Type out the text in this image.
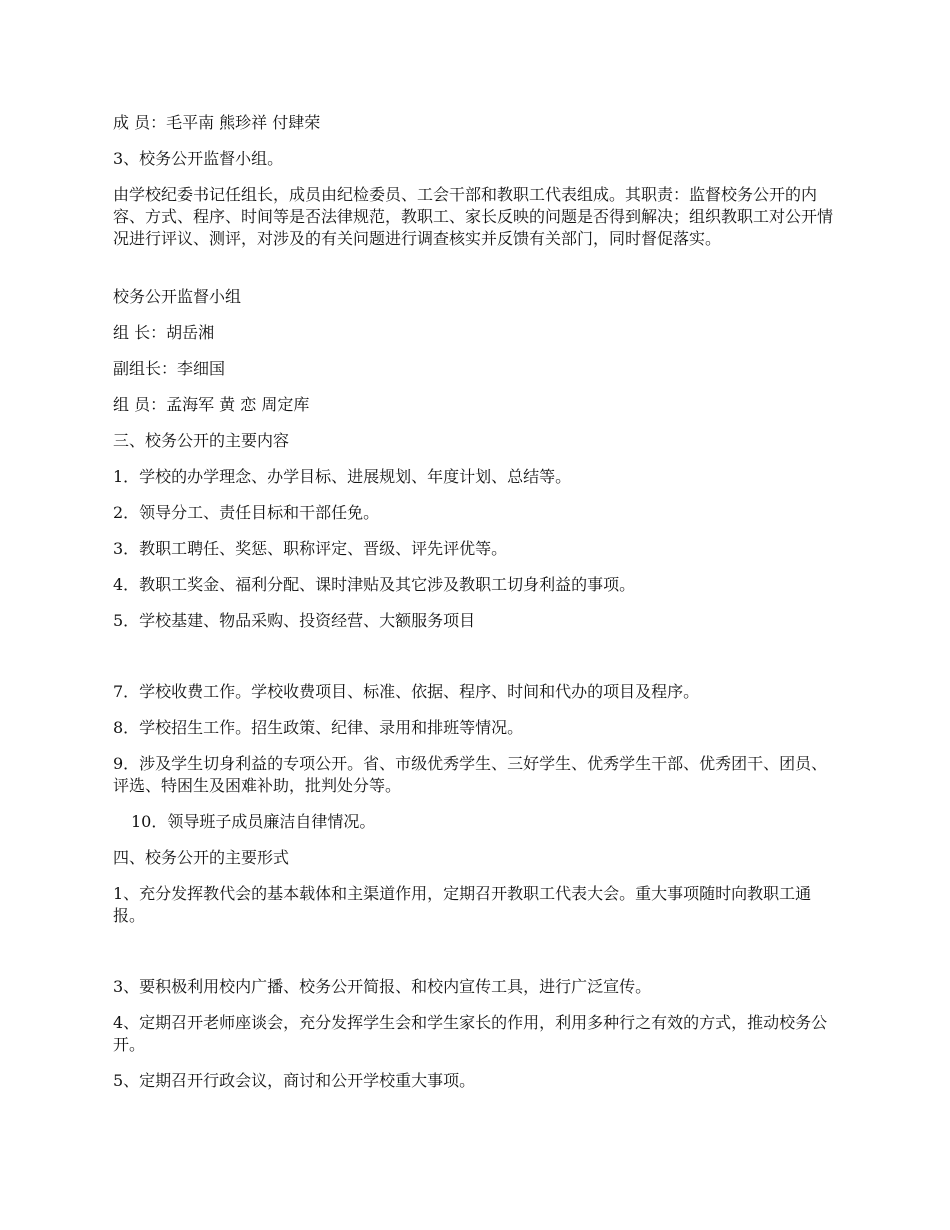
成 员：毛平南 熊珍祥 付肆荣

3、校务公开监督小组。

由学校纪委书记任组长，成员由纪检委员、工会干部和教职工代表组成。其职责：监督校务公开的内容、方式、程序、时间等是否法律规范，教职工、家长反映的问题是否得到解决；组织教职工对公开情况进行评议、测评，对涉及的有关问题进行调查核实并反馈有关部门，同时督促落实。

校务公开监督小组

组 长：胡岳湘

副组长：李细国

组 员：孟海军 黄 恋 周定库

三、校务公开的主要内容

1．学校的办学理念、办学目标、进展规划、年度计划、总结等。

2．领导分工、责任目标和干部任免。

3．教职工聘任、奖惩、职称评定、晋级、评先评优等。

4．教职工奖金、福利分配、课时津贴及其它涉及教职工切身利益的事项。

5．学校基建、物品采购、投资经营、大额服务项目

7．学校收费工作。学校收费项目、标准、依据、程序、时间和代办的项目及程序。

8．学校招生工作。招生政策、纪律、录用和排班等情况。

9．涉及学生切身利益的专项公开。省、市级优秀学生、三好学生、优秀学生干部、优秀团干、团员、评选、特困生及困难补助，批判处分等。

10．领导班子成员廉洁自律情况。

四、校务公开的主要形式

1、充分发挥教代会的基本载体和主渠道作用，定期召开教职工代表大会。重大事项随时向教职工通报。

3、要积极利用校内广播、校务公开简报、和校内宣传工具，进行广泛宣传。

4、定期召开老师座谈会，充分发挥学生会和学生家长的作用，利用多种行之有效的方式，推动校务公开。

5、定期召开行政会议，商讨和公开学校重大事项。
